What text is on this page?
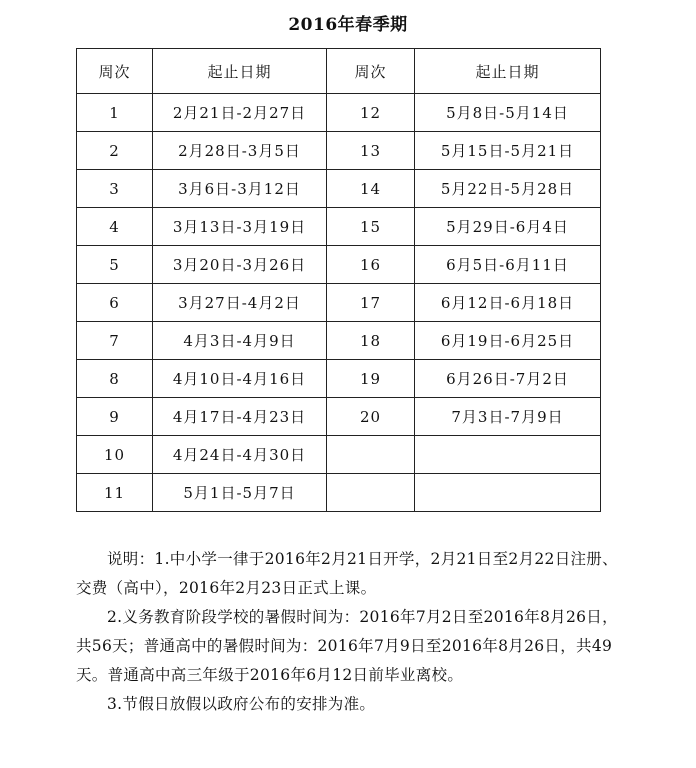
2016年春季期
周次	起止日期	周次	起止日期
1	2月21日-2月27日	12	5月8日-5月14日
2	2月28日-3月5日	13	5月15日-5月21日
3	3月6日-3月12日	14	5月22日-5月28日
4	3月13日-3月19日	15	5月29日-6月4日
5	3月20日-3月26日	16	6月5日-6月11日
6	3月27日-4月2日	17	6月12日-6月18日
7	4月3日-4月9日	18	6月19日-6月25日
8	4月10日-4月16日	19	6月26日-7月2日
9	4月17日-4月23日	20	7月3日-7月9日
10	4月24日-4月30日		
11	5月1日-5月7日		

说明：1.中小学一律于2016年2月21日开学，2月21日至2月22日注册、交费（高中），2016年2月23日正式上课。

2.义务教育阶段学校的暑假时间为：2016年7月2日至2016年8月26日，共56天；普通高中的暑假时间为：2016年7月9日至2016年8月26日，共49天。普通高中高三年级于2016年6月12日前毕业离校。

3.节假日放假以政府公布的安排为准。
